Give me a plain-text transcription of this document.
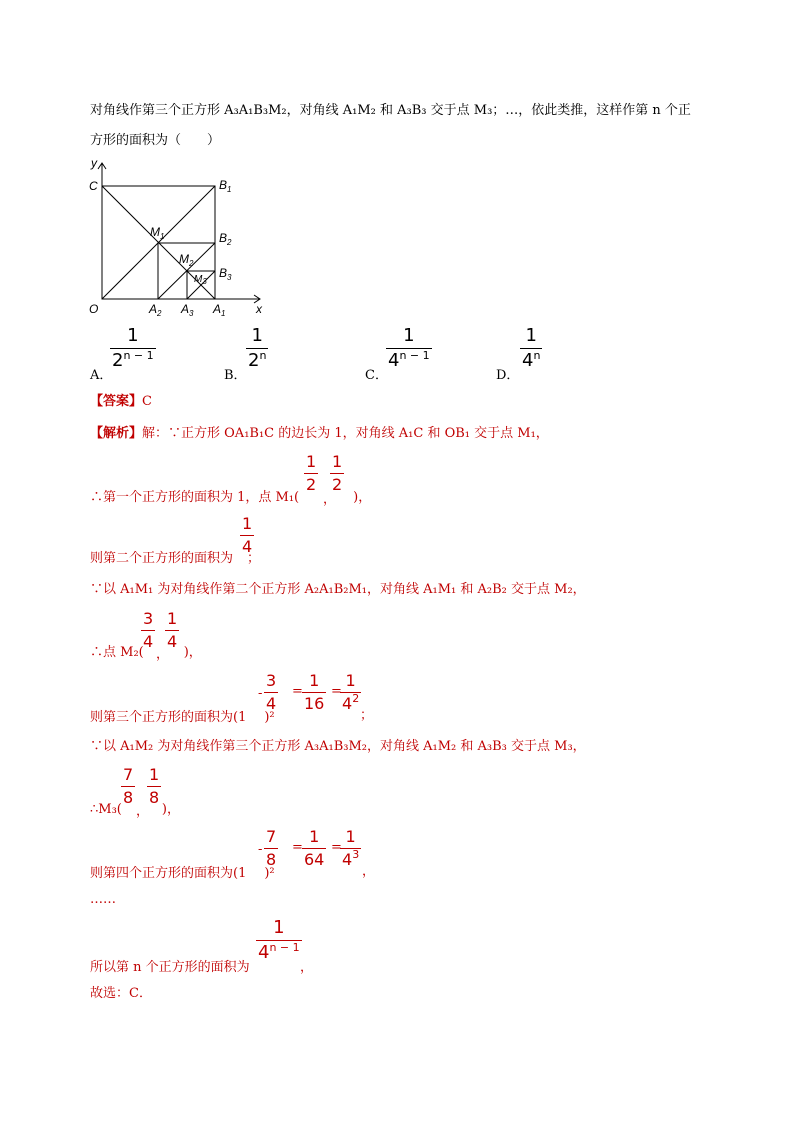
对角线作第三个正方形 A₃A₁B₃M₂，对角线 A₁M₂ 和 A₃B₃ 交于点 M₃；…，依此类推，这样作第 n 个正
方形的面积为（　　）
y
x
C
O
$B_1$
$B_2$
$B_3$
$M_1$
$M_2$
$M_3$
$A_2$ $A_3$ $A_1$
A．
1
$2^{n - 1}$
B．
1
2$^n$
C．
1
$4^{n - 1}$
D．
1
4$^n$
【答案】C
【解析】解：∵正方形 OA₁B₁C 的边长为 1，对角线 A₁C 和 OB₁ 交于点 M₁，
∴第一个正方形的面积为 1，点 M₁(	)，
1
2
，
1
2
则第二个正方形的面积为 ；
1
4
∵以 A₁M₁ 为对角线作第二个正方形 A₂A₁B₂M₁，对角线 A₁M₁ 和 A₂B₂ 交于点 M₂，
∴点 M₂(	)，
3
4
，
1
4
则第三个正方形的面积为(1 )²
-
3
4
=
1
16
=
1
$4^2$
；
∵以 A₁M₂ 为对角线作第三个正方形 A₃A₁B₃M₂，对角线 A₁M₂ 和 A₃B₃ 交于点 M₃，
∴M₃(	)，
7
8
，
1
8
则第四个正方形的面积为(1 )²
-
7
8
=
1
64
=
1
$4^3$
，
……
所以第 n 个正方形的面积为
1
$4^{n - 1}$
，
故选：C．
